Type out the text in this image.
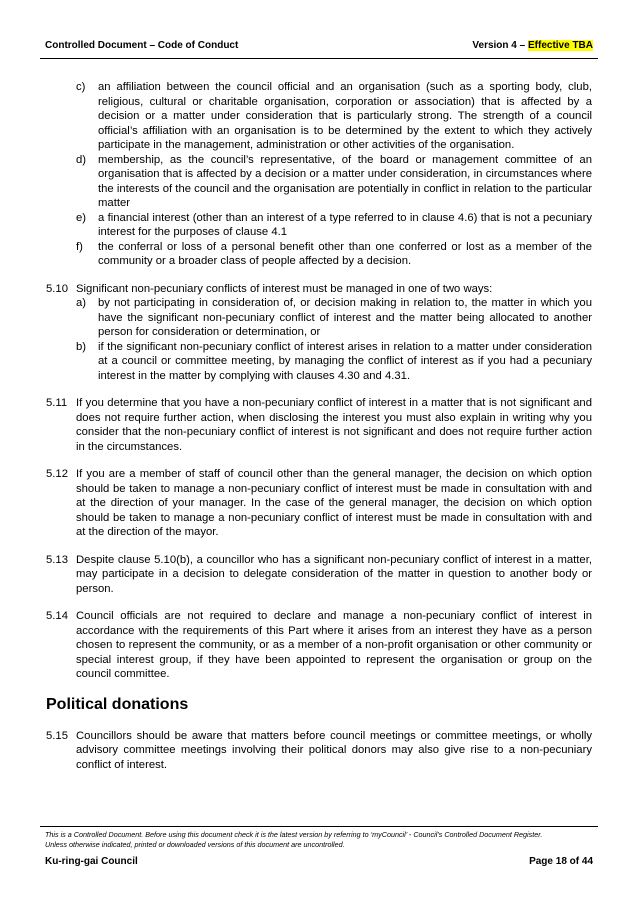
Controlled Document – Code of Conduct	Version 4 – Effective TBA
c)	an affiliation between the council official and an organisation (such as a sporting body, club, religious, cultural or charitable organisation, corporation or association) that is affected by a decision or a matter under consideration that is particularly strong. The strength of a council official’s affiliation with an organisation is to be determined by the extent to which they actively participate in the management, administration or other activities of the organisation.
d)	membership, as the council’s representative, of the board or management committee of an organisation that is affected by a decision or a matter under consideration, in circumstances where the interests of the council and the organisation are potentially in conflict in relation to the particular matter
e)	a financial interest (other than an interest of a type referred to in clause 4.6) that is not a pecuniary interest for the purposes of clause 4.1
f)	the conferral or loss of a personal benefit other than one conferred or lost as a member of the community or a broader class of people affected by a decision.
5.10 Significant non-pecuniary conflicts of interest must be managed in one of two ways:

a)	by not participating in consideration of, or decision making in relation to, the matter in which you have the significant non-pecuniary conflict of interest and the matter being allocated to another person for consideration or determination, or
b)	if the significant non-pecuniary conflict of interest arises in relation to a matter under consideration at a council or committee meeting, by managing the conflict of interest as if you had a pecuniary interest in the matter by complying with clauses 4.30 and 4.31.
5.11 If you determine that you have a non-pecuniary conflict of interest in a matter that is not significant and does not require further action, when disclosing the interest you must also explain in writing why you consider that the non-pecuniary conflict of interest is not significant and does not require further action in the circumstances.

5.12 If you are a member of staff of council other than the general manager, the decision on which option should be taken to manage a non-pecuniary conflict of interest must be made in consultation with and at the direction of your manager. In the case of the general manager, the decision on which option should be taken to manage a non-pecuniary conflict of interest must be made in consultation with and at the direction of the mayor.

5.13 Despite clause 5.10(b), a councillor who has a significant non-pecuniary conflict of interest in a matter, may participate in a decision to delegate consideration of the matter in question to another body or person.

5.14 Council officials are not required to declare and manage a non-pecuniary conflict of interest in accordance with the requirements of this Part where it arises from an interest they have as a person chosen to represent the community, or as a member of a non-profit organisation or other community or special interest group, if they have been appointed to represent the organisation or group on the council committee.

Political donations
5.15 Councillors should be aware that matters before council meetings or committee meetings, or wholly advisory committee meetings involving their political donors may also give rise to a non-pecuniary conflict of interest.

This is a Controlled Document. Before using this document check it is the latest version by referring to ‘myCouncil’ - Council’s Controlled Document Register.
Unless otherwise indicated, printed or downloaded versions of this document are uncontrolled.
Ku-ring-gai Council	Page 18 of 44
